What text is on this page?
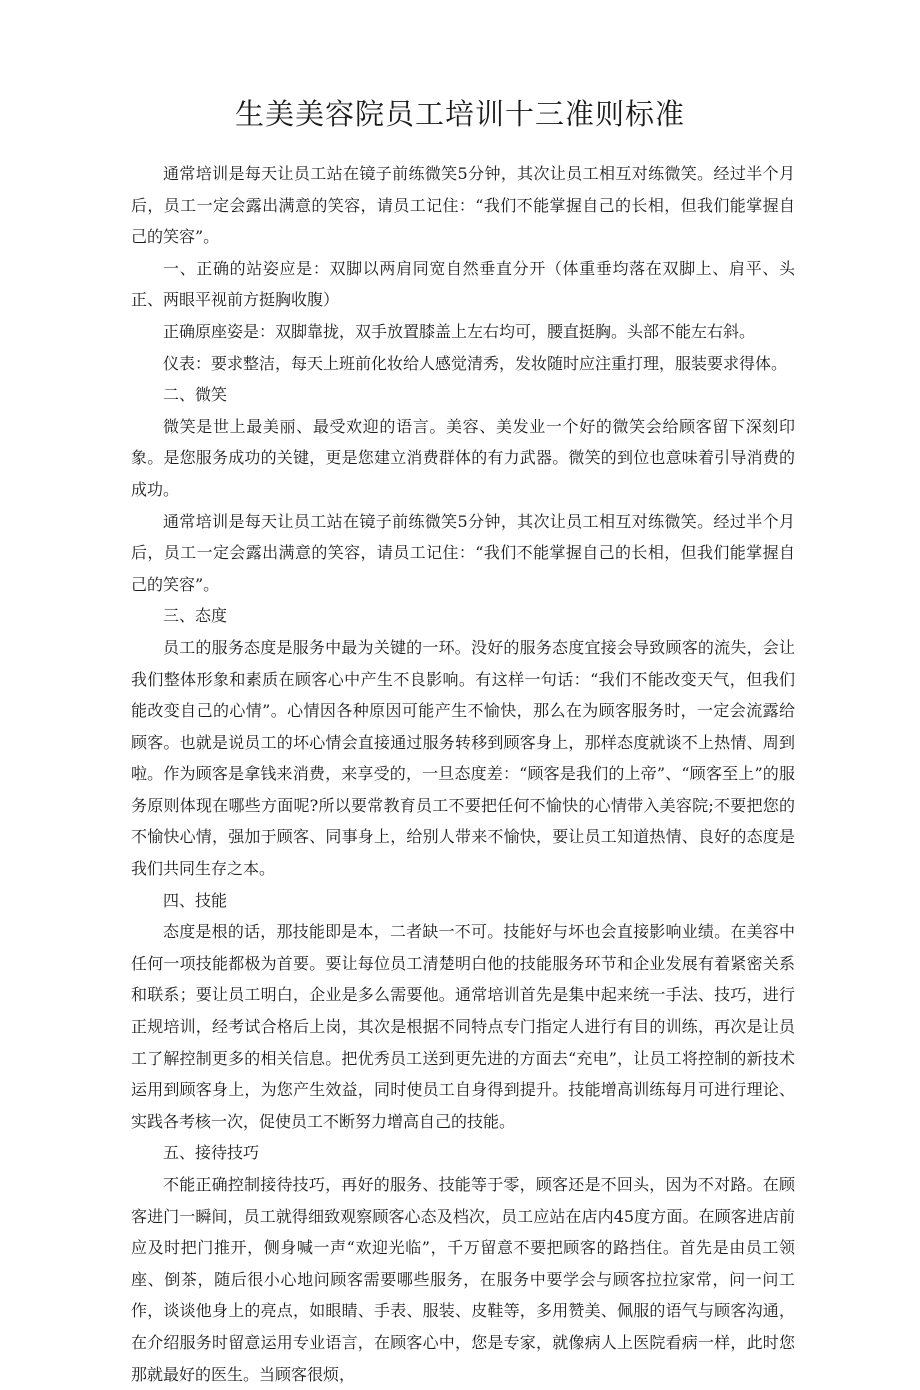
生美美容院员工培训十三准则标准

通常培训是每天让员工站在镜子前练微笑5分钟，其次让员工相互对练微笑。经过半个月后，员工一定会露出满意的笑容，请员工记住：“我们不能掌握自己的长相，但我们能掌握自己的笑容”。

一、正确的站姿应是：双脚以两肩同宽自然垂直分开（体重垂均落在双脚上、肩平、头正、两眼平视前方挺胸收腹）

正确原座姿是：双脚靠拢，双手放置膝盖上左右均可，腰直挺胸。头部不能左右斜。

仪表：要求整洁，每天上班前化妆给人感觉清秀，发妆随时应注重打理，服装要求得体。

二、微笑

微笑是世上最美丽、最受欢迎的语言。美容、美发业一个好的微笑会给顾客留下深刻印象。是您服务成功的关键，更是您建立消费群体的有力武器。微笑的到位也意味着引导消费的成功。

通常培训是每天让员工站在镜子前练微笑5分钟，其次让员工相互对练微笑。经过半个月后，员工一定会露出满意的笑容，请员工记住：“我们不能掌握自己的长相，但我们能掌握自己的笑容”。

三、态度

员工的服务态度是服务中最为关键的一环。没好的服务态度宜接会导致顾客的流失，会让我们整体形象和素质在顾客心中产生不良影响。有这样一句话：“我们不能改变天气，但我们能改变自己的心情”。心情因各种原因可能产生不愉快，那么在为顾客服务时，一定会流露给顾客。也就是说员工的坏心情会直接通过服务转移到顾客身上，那样态度就谈不上热情、周到啦。作为顾客是拿钱来消费，来享受的，一旦态度差：“顾客是我们的上帝”、“顾客至上”的服务原则体现在哪些方面呢?所以要常教育员工不要把任何不愉快的心情带入美容院;不要把您的不愉快心情，强加于顾客、同事身上，给别人带来不愉快，要让员工知道热情、良好的态度是我们共同生存之本。

四、技能

态度是根的话，那技能即是本，二者缺一不可。技能好与坏也会直接影响业绩。在美容中任何一项技能都极为首要。要让每位员工清楚明白他的技能服务环节和企业发展有着紧密关系和联系；要让员工明白，企业是多么需要他。通常培训首先是集中起来统一手法、技巧，进行正规培训，经考试合格后上岗，其次是根据不同特点专门指定人进行有目的训练，再次是让员工了解控制更多的相关信息。把优秀员工送到更先进的方面去“充电”，让员工将控制的新技术运用到顾客身上，为您产生效益，同时使员工自身得到提升。技能增高训练每月可进行理论、实践各考核一次，促使员工不断努力增高自己的技能。

五、接待技巧

不能正确控制接待技巧，再好的服务、技能等于零，顾客还是不回头，因为不对路。在顾客进门一瞬间，员工就得细致观察顾客心态及档次，员工应站在店内45度方面。在顾客进店前应及时把门推开，侧身喊一声“欢迎光临”，千万留意不要把顾客的路挡住。首先是由员工领座、倒茶，随后很小心地问顾客需要哪些服务，在服务中要学会与顾客拉拉家常，问一问工作，谈谈他身上的亮点，如眼睛、手表、服装、皮鞋等，多用赞美、佩服的语气与顾客沟通，在介绍服务时留意运用专业语言，在顾客心中，您是专家，就像病人上医院看病一样，此时您那就最好的医生。当顾客很烦，
